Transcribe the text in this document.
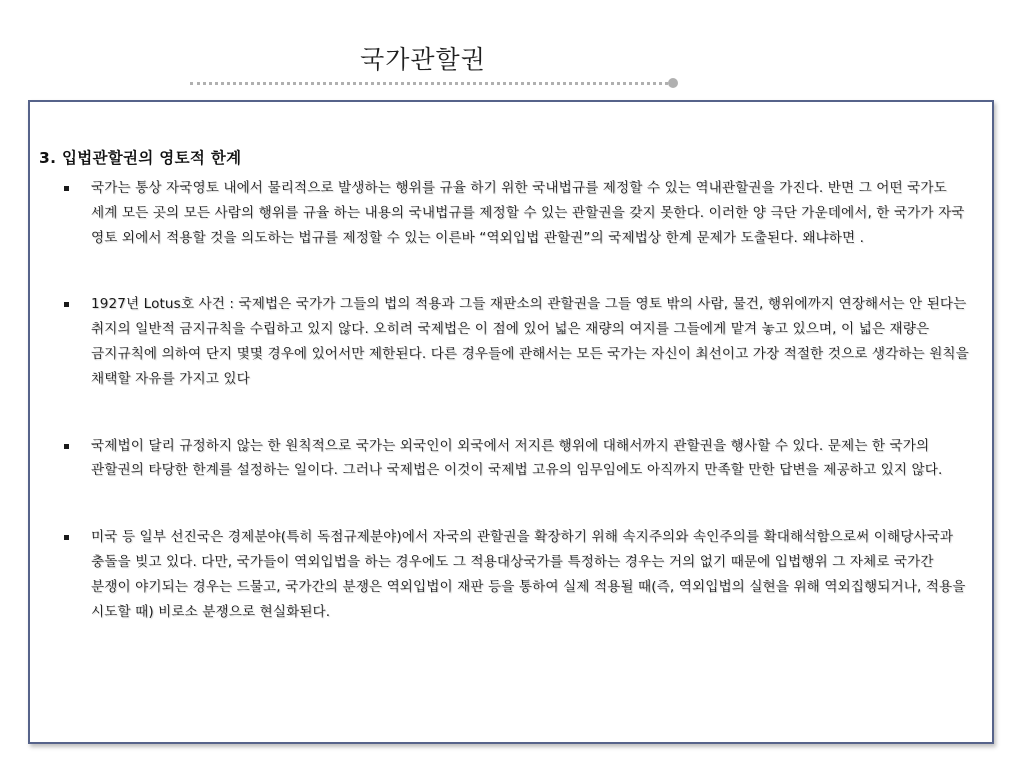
국가관할권
3. 입법관할권의 영토적 한계
국가는 통상 자국영토 내에서 물리적으로 발생하는 행위를 규율 하기 위한 국내법규를 제정할 수 있는 역내관할권을 가진다. 반면 그 어떤 국가도 세계 모든 곳의 모든 사람의 행위를 규율 하는 내용의 국내법규를 제정할 수 있는 관할권을 갖지 못한다. 이러한 양 극단 가운데에서, 한 국가가 자국 영토 외에서 적용할 것을 의도하는 법규를 제정할 수 있는 이른바 “역외입법 관할권”의 국제법상 한계 문제가 도출된다. 왜냐하면 .
1927년 Lotus호 사건 : 국제법은 국가가 그들의 법의 적용과 그들 재판소의 관할권을 그들 영토 밖의 사람, 물건, 행위에까지 연장해서는 안 된다는 취지의 일반적 금지규칙을 수립하고 있지 않다. 오히려 국제법은 이 점에 있어 넓은 재량의 여지를 그들에게 맡겨 놓고 있으며, 이 넓은 재량은 금지규칙에 의하여 단지 몇몇 경우에 있어서만 제한된다. 다른 경우들에 관해서는 모든 국가는 자신이 최선이고 가장 적절한 것으로 생각하는 원칙을 채택할 자유를 가지고 있다
국제법이 달리 규정하지 않는 한 원칙적으로 국가는 외국인이 외국에서 저지른 행위에 대해서까지 관할권을 행사할 수 있다. 문제는 한 국가의 관할권의 타당한 한계를 설정하는 일이다. 그러나 국제법은 이것이 국제법 고유의 임무임에도 아직까지 만족할 만한 답변을 제공하고 있지 않다.
미국 등 일부 선진국은 경제분야(특히 독점규제분야)에서 자국의 관할권을 확장하기 위해 속지주의와 속인주의를 확대해석함으로써 이해당사국과 충돌을 빚고 있다. 다만, 국가들이 역외입법을 하는 경우에도 그 적용대상국가를 특정하는 경우는 거의 없기 때문에 입법행위 그 자체로 국가간 분쟁이 야기되는 경우는 드물고, 국가간의 분쟁은 역외입법이 재판 등을 통하여 실제 적용될 때(즉, 역외입법의 실현을 위해 역외집행되거나, 적용을 시도할 때) 비로소 분쟁으로 현실화된다.
